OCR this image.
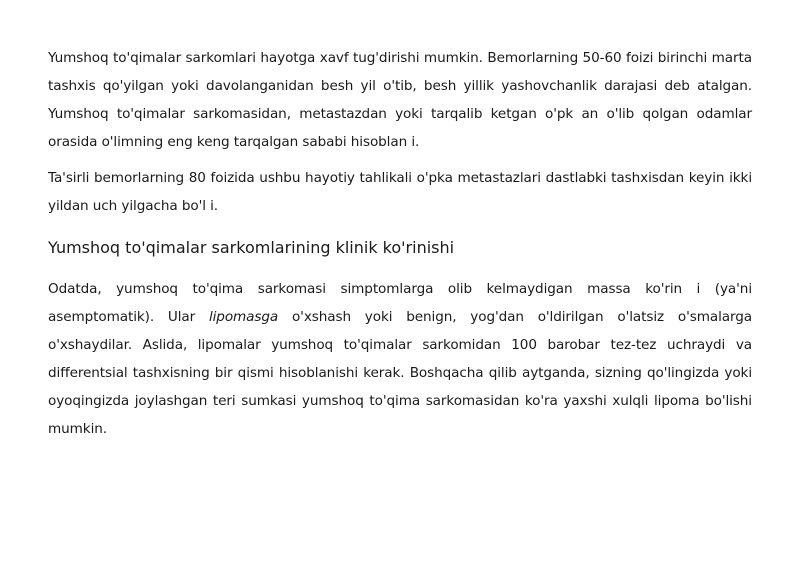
Yumshoq to'qimalar sarkomlari hayotga xavf tug'dirishi mumkin. Bemorlarning 50-60 foizi birinchi marta tashxis qo'yilgan yoki davolanganidan besh yil o'tib, besh yillik yashovchanlik darajasi deb atalgan. Yumshoq to'qimalar sarkomasidan, metastazdan yoki tarqalib ketgan o'pk an o'lib qolgan odamlar orasida o'limning eng keng tarqalgan sababi hisoblan i.

Ta'sirli bemorlarning 80 foizida ushbu hayotiy tahlikali o'pka metastazlari dastlabki tashxisdan keyin ikki yildan uch yilgacha bo'l i.

Yumshoq to'qimalar sarkomlarining klinik ko'rinishi

Odatda, yumshoq to'qima sarkomasi simptomlarga olib kelmaydigan massa ko'rin i (ya'ni asemptomatik). Ular lipomasga o'xshash yoki benign, yog'dan o'ldirilgan o'latsiz o'smalarga o'xshaydilar. Aslida, lipomalar yumshoq to'qimalar sarkomidan 100 barobar tez-tez uchraydi va differentsial tashxisning bir qismi hisoblanishi kerak. Boshqacha qilib aytganda, sizning qo'lingizda yoki oyoqingizda joylashgan teri sumkasi yumshoq to'qima sarkomasidan ko'ra yaxshi xulqli lipoma bo'lishi mumkin.
